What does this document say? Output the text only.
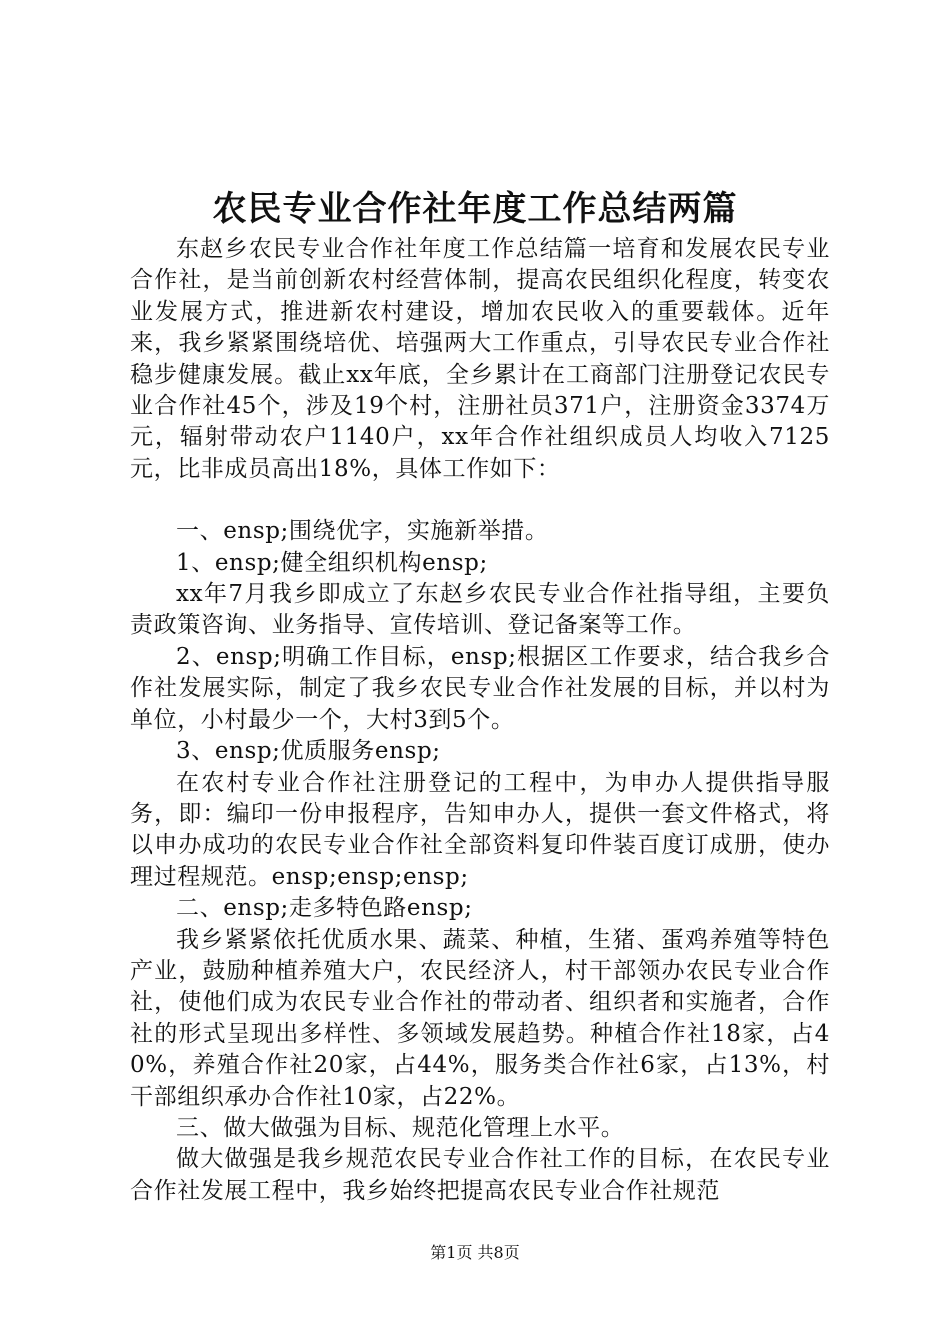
农民专业合作社年度工作总结两篇

东赵乡农民专业合作社年度工作总结篇一培育和发展农民专业合作社，是当前创新农村经营体制，提高农民组织化程度，转变农业发展方式，推进新农村建设，增加农民收入的重要载体。近年来，我乡紧紧围绕培优、培强两大工作重点，引导农民专业合作社稳步健康发展。截止xx年底，全乡累计在工商部门注册登记农民专业合作社45个，涉及19个村，注册社员371户，注册资金3374万元，辐射带动农户1140户，xx年合作社组织成员人均收入7125元，比非成员高出18%，具体工作如下：

一、ensp;围绕优字，实施新举措。

1、ensp;健全组织机构ensp;

xx年7月我乡即成立了东赵乡农民专业合作社指导组，主要负责政策咨询、业务指导、宣传培训、登记备案等工作。

2、ensp;明确工作目标，ensp;根据区工作要求，结合我乡合作社发展实际，制定了我乡农民专业合作社发展的目标，并以村为单位，小村最少一个，大村3到5个。

3、ensp;优质服务ensp;

在农村专业合作社注册登记的工程中，为申办人提供指导服务，即：编印一份申报程序，告知申办人，提供一套文件格式，将以申办成功的农民专业合作社全部资料复印件装百度订成册，使办理过程规范。ensp;ensp;ensp;

二、ensp;走多特色路ensp;

我乡紧紧依托优质水果、蔬菜、种植，生猪、蛋鸡养殖等特色产业，鼓励种植养殖大户，农民经济人，村干部领办农民专业合作社，使他们成为农民专业合作社的带动者、组织者和实施者，合作社的形式呈现出多样性、多领域发展趋势。种植合作社18家，占40%，养殖合作社20家，占44%，服务类合作社6家，占13%，村干部组织承办合作社10家，占22%。

三、做大做强为目标、规范化管理上水平。

做大做强是我乡规范农民专业合作社工作的目标，在农民专业合作社发展工程中，我乡始终把提高农民专业合作社规范

第1页 共8页
